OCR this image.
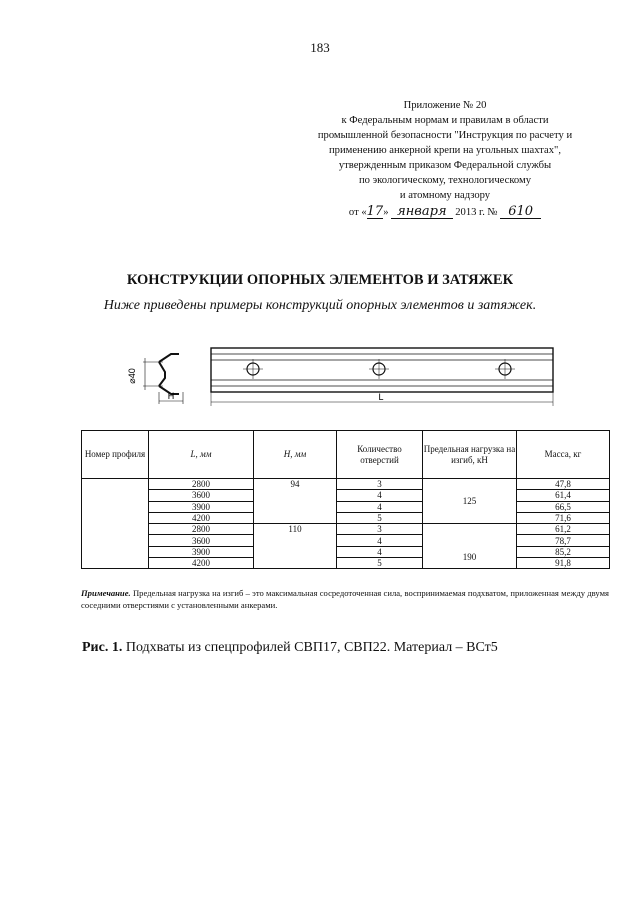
183
Приложение № 20
к Федеральным нормам и правилам в области
промышленной безопасности "Инструкция по расчету и
применению анкерной крепи на угольных шахтах",
утвержденным приказом Федеральной службы
по экологическому, технологическому
и атомному надзору
от «17» января 2013 г. № 610
КОНСТРУКЦИИ ОПОРНЫХ ЭЛЕМЕНТОВ И ЗАТЯЖЕК
Ниже приведены примеры конструкций опорных элементов и затяжек.
⌀40
H	L
Номер профиля	L, мм	H, мм	Количество отверстий	Предельная нагрузка на изгиб, кН	Масса, кг
	2800	94	3	125	47,8
	3600		4		61,4
	3900		4		66,5
	4200		5		71,6
	2800	110	3	190	61,2
	3600		4		78,7
	3900		4		85,2
	4200		5		91,8
Примечание. Предельная нагрузка на изгиб – это максимальная сосредоточенная сила, воспринимаемая подхватом, приложенная между двумя соседними отверстиями с установленными анкерами.
Рис. 1. Подхваты из спецпрофилей СВП17, СВП22. Материал – ВСт5
